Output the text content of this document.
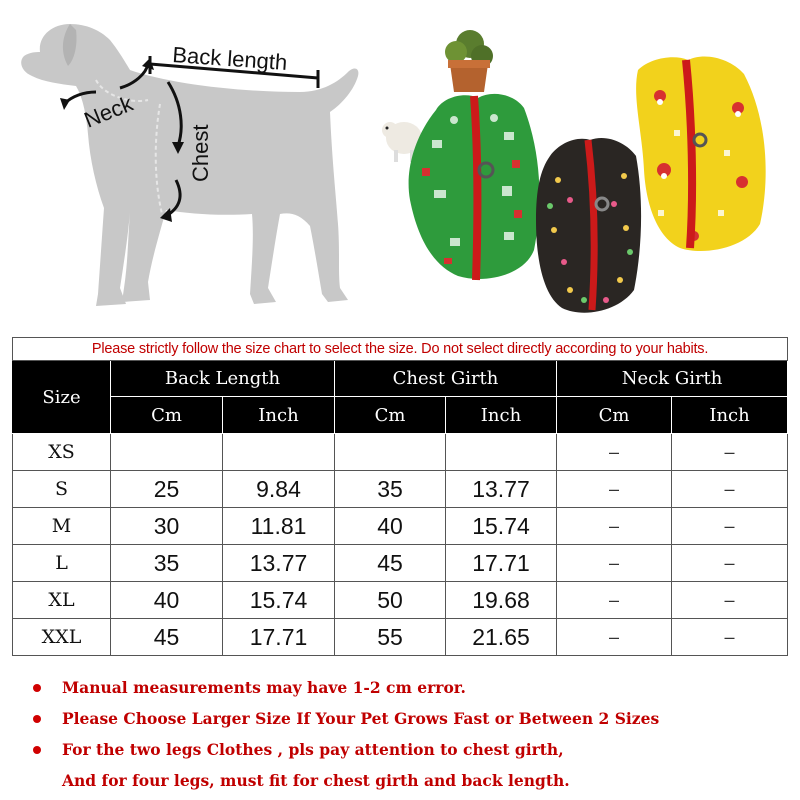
Back length
Neck
Chest
Please strictly follow the size chart to select the size. Do not select directly according to your habits.						
Size	Back Length		Chest Girth		Neck Girth	
	Cm	Inch	Cm	Inch	Cm	Inch
XS					–	–
S	25	9.84	35	13.77	–	–
M	30	11.81	40	15.74	–	–
L	35	13.77	45	17.71	–	–
XL	40	15.74	50	19.68	–	–
XXL	45	17.71	55	21.65	–	–
Manual measurements may have 1-2 cm error.
Please Choose Larger Size If Your Pet Grows Fast or Between 2 Sizes
For the two legs Clothes , pls pay attention to chest girth,
And for four legs, must fit for chest girth and back length.
